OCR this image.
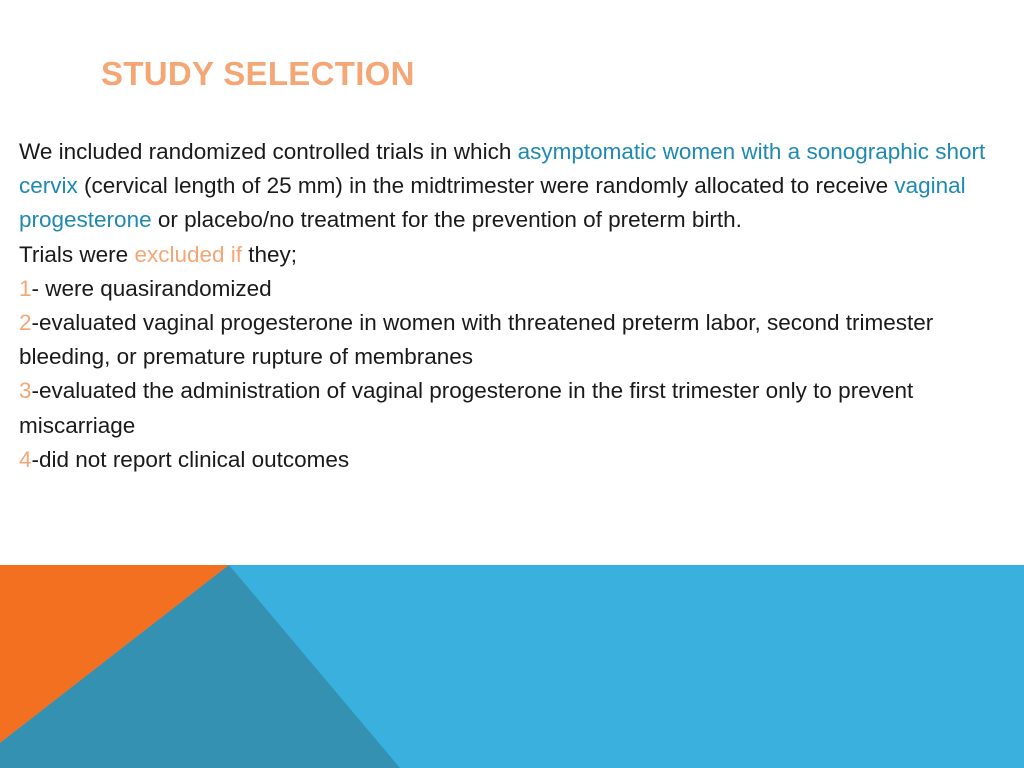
STUDY SELECTION

We included randomized controlled trials in which asymptomatic women with a sonographic short cervix (cervical length of 25 mm) in the midtrimester were randomly allocated to receive vaginal progesterone or placebo/no treatment for the prevention of preterm birth.

Trials were excluded if they;

1- were quasirandomized

2-evaluated vaginal progesterone in women with threatened preterm labor, second trimester bleeding, or premature rupture of membranes

3-evaluated the administration of vaginal progesterone in the first trimester only to prevent miscarriage

4-did not report clinical outcomes
